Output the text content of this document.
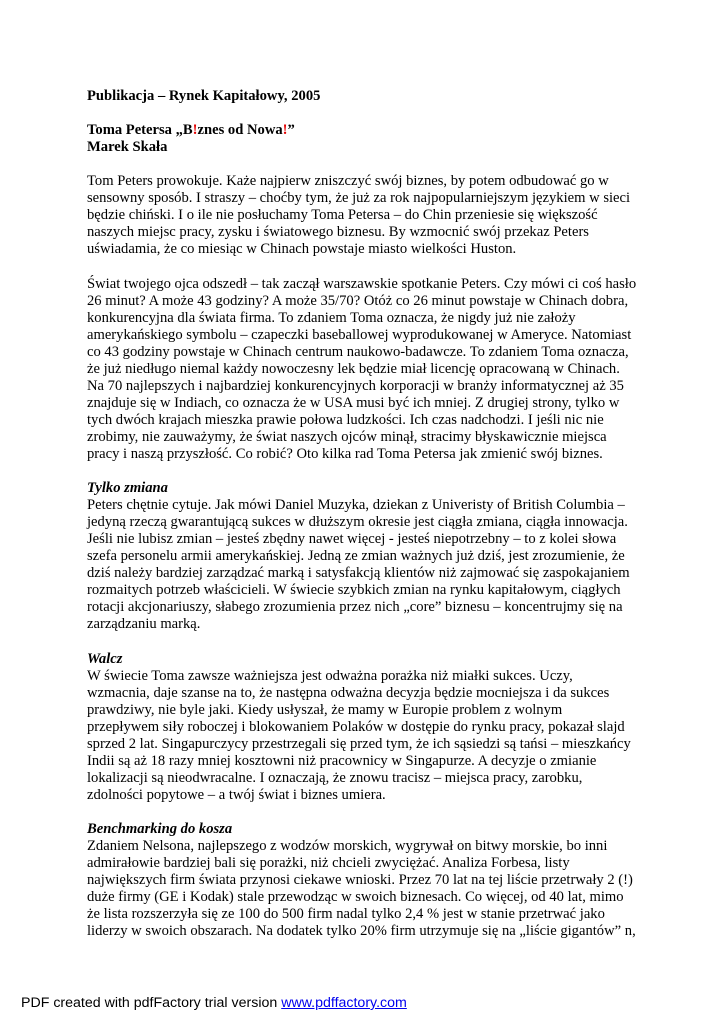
Publikacja – Rynek Kapitałowy, 2005
Toma Petersa „B!znes od Nowa!”
Marek Skała
Tom Peters prowokuje. Każe najpierw zniszczyć swój biznes, by potem odbudować go w
sensowny sposób. I straszy – choćby tym, że już za rok najpopularniejszym językiem w sieci
będzie chiński. I o ile nie posłuchamy Toma Petersa – do Chin przeniesie się większość
naszych miejsc pracy, zysku i światowego biznesu. By wzmocnić swój przekaz Peters
uświadamia, że co miesiąc w Chinach powstaje miasto wielkości Huston.
Świat twojego ojca odszedł – tak zaczął warszawskie spotkanie Peters. Czy mówi ci coś hasło
26 minut? A może 43 godziny? A może 35/70? Otóż co 26 minut powstaje w Chinach dobra,
konkurencyjna dla świata firma. To zdaniem Toma oznacza, że nigdy już nie założy
amerykańskiego symbolu – czapeczki baseballowej wyprodukowanej w Ameryce. Natomiast
co 43 godziny powstaje w Chinach centrum naukowo-badawcze. To zdaniem Toma oznacza,
że już niedługo niemal każdy nowoczesny lek będzie miał licencję opracowaną w Chinach.
Na 70 najlepszych i najbardziej konkurencyjnych korporacji w branży informatycznej aż 35
znajduje się w Indiach, co oznacza że w USA musi być ich mniej. Z drugiej strony, tylko w
tych dwóch krajach mieszka prawie połowa ludzkości. Ich czas nadchodzi. I jeśli nic nie
zrobimy, nie zauważymy, że świat naszych ojców minął, stracimy błyskawicznie miejsca
pracy i naszą przyszłość. Co robić? Oto kilka rad Toma Petersa jak zmienić swój biznes.
Tylko zmiana
Peters chętnie cytuje. Jak mówi Daniel Muzyka, dziekan z Univeristy of British Columbia –
jedyną rzeczą gwarantującą sukces w dłuższym okresie jest ciągła zmiana, ciągła innowacja.
Jeśli nie lubisz zmian – jesteś zbędny nawet więcej - jesteś niepotrzebny – to z kolei słowa
szefa personelu armii amerykańskiej. Jedną ze zmian ważnych już dziś, jest zrozumienie, że
dziś należy bardziej zarządzać marką i satysfakcją klientów niż zajmować się zaspokajaniem
rozmaitych potrzeb właścicieli. W świecie szybkich zmian na rynku kapitałowym, ciągłych
rotacji akcjonariuszy, słabego zrozumienia przez nich „core” biznesu – koncentrujmy się na
zarządzaniu marką.
Walcz
W świecie Toma zawsze ważniejsza jest odważna porażka niż miałki sukces. Uczy,
wzmacnia, daje szanse na to, że następna odważna decyzja będzie mocniejsza i da sukces
prawdziwy, nie byle jaki. Kiedy usłyszał, że mamy w Europie problem z wolnym
przepływem siły roboczej i blokowaniem Polaków w dostępie do rynku pracy, pokazał slajd
sprzed 2 lat. Singapurczycy przestrzegali się przed tym, że ich sąsiedzi są tańsi – mieszkańcy
Indii są aż 18 razy mniej kosztowni niż pracownicy w Singapurze. A decyzje o zmianie
lokalizacji są nieodwracalne. I oznaczają, że znowu tracisz – miejsca pracy, zarobku,
zdolności popytowe – a twój świat i biznes umiera.
Benchmarking do kosza
Zdaniem Nelsona, najlepszego z wodzów morskich, wygrywał on bitwy morskie, bo inni
admirałowie bardziej bali się porażki, niż chcieli zwyciężać. Analiza Forbesa, listy
największych firm świata przynosi ciekawe wnioski. Przez 70 lat na tej liście przetrwały 2 (!)
duże firmy (GE i Kodak) stale przewodząc w swoich biznesach. Co więcej, od 40 lat, mimo
że lista rozszerzyła się ze 100 do 500 firm nadal tylko 2,4 % jest w stanie przetrwać jako
liderzy w swoich obszarach. Na dodatek tylko 20% firm utrzymuje się na „liście gigantów” n,
PDF created with pdfFactory trial version www.pdffactory.com
